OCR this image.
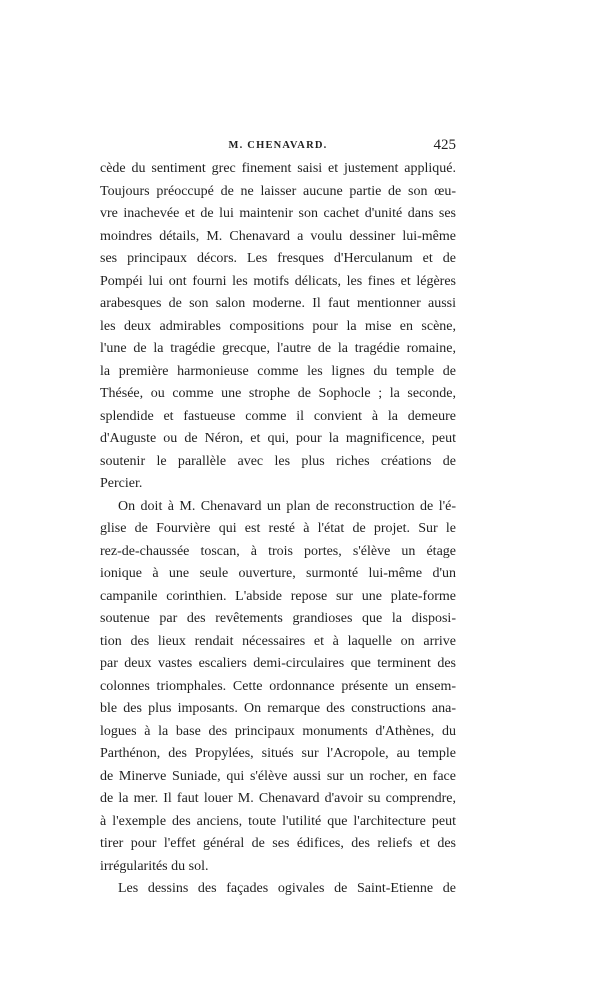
M. CHENAVARD.	425
cède du sentiment grec finement saisi et justement appliqué.
Toujours préoccupé de ne laisser aucune partie de son œu-
vre inachevée et de lui maintenir son cachet d'unité dans ses
moindres détails, M. Chenavard a voulu dessiner lui-même
ses principaux décors. Les fresques d'Herculanum et de
Pompéi lui ont fourni les motifs délicats, les fines et légères
arabesques de son salon moderne. Il faut mentionner aussi
les deux admirables compositions pour la mise en scène,
l'une de la tragédie grecque, l'autre de la tragédie romaine,
la première harmonieuse comme les lignes du temple de
Thésée, ou comme une strophe de Sophocle ; la seconde,
splendide et fastueuse comme il convient à la demeure
d'Auguste ou de Néron, et qui, pour la magnificence, peut
soutenir le parallèle avec les plus riches créations de
Percier.
On doit à M. Chenavard un plan de reconstruction de l'é-
glise de Fourvière qui est resté à l'état de projet. Sur le
rez-de-chaussée toscan, à trois portes, s'élève un étage
ionique à une seule ouverture, surmonté lui-même d'un
campanile corinthien. L'abside repose sur une plate-forme
soutenue par des revêtements grandioses que la disposi-
tion des lieux rendait nécessaires et à laquelle on arrive
par deux vastes escaliers demi-circulaires que terminent des
colonnes triomphales. Cette ordonnance présente un ensem-
ble des plus imposants. On remarque des constructions ana-
logues à la base des principaux monuments d'Athènes, du
Parthénon, des Propylées, situés sur l'Acropole, au temple
de Minerve Suniade, qui s'élève aussi sur un rocher, en face
de la mer. Il faut louer M. Chenavard d'avoir su comprendre,
à l'exemple des anciens, toute l'utilité que l'architecture peut
tirer pour l'effet général de ses édifices, des reliefs et des
irrégularités du sol.
Les dessins des façades ogivales de Saint-Etienne de
